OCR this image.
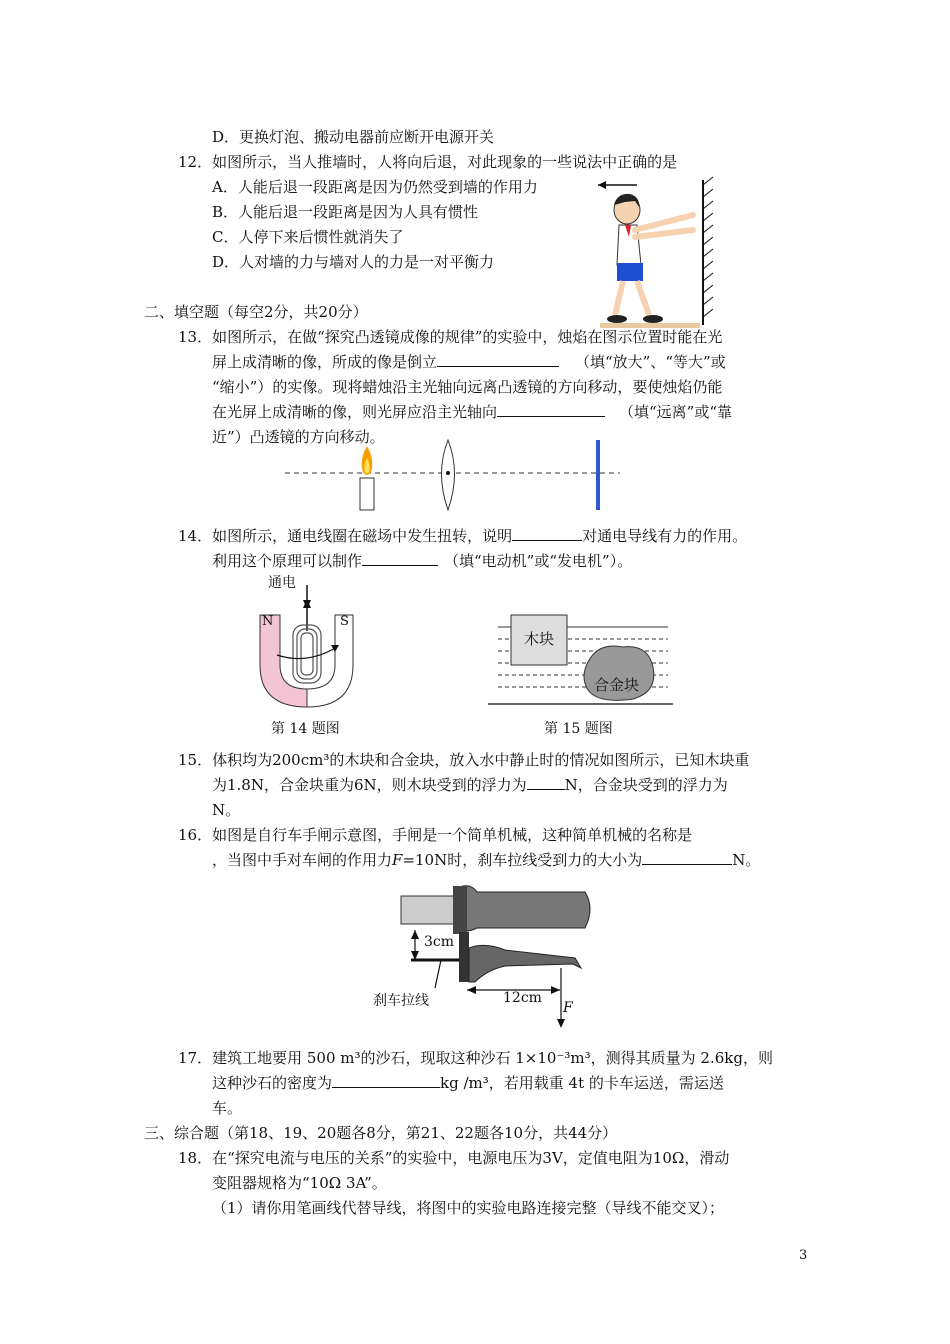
D．更换灯泡、搬动电器前应断开电源开关
12．如图所示，当人推墙时，人将向后退，对此现象的一些说法中正确的是
A．人能后退一段距离是因为仍然受到墙的作用力
B．人能后退一段距离是因为人具有惯性
C．人停下来后惯性就消失了
D．人对墙的力与墙对人的力是一对平衡力
二、填空题（每空2分，共20分）
13．如图所示，在做“探究凸透镜成像的规律”的实验中，烛焰在图示位置时能在光
屏上成清晰的像，所成的像是倒立	（填“放大”、“等大”或
“缩小”）的实像。现将蜡烛沿主光轴向远离凸透镜的方向移动，要使烛焰仍能
在光屏上成清晰的像，则光屏应沿主光轴向	（填“远离”或“靠
近”）凸透镜的方向移动。
14．如图所示，通电线圈在磁场中发生扭转，说明	对通电导线有力的作用。
利用这个原理可以制作	（填“电动机”或“发电机”）。
通电
N	S
第 14 题图
木块
合金块
第 15 题图
15．体积均为200cm³的木块和合金块，放入水中静止时的情况如图所示，已知木块重
为1.8N，合金块重为6N，则木块受到的浮力为	N，合金块受到的浮力为
N。
16．如图是自行车手闸示意图，手闸是一个简单机械，这种简单机械的名称是
，当图中手对车闸的作用力F=10N时，刹车拉线受到力的大小为	N。
3cm
刹车拉线	12cm
F
17．建筑工地要用 500 m³的沙石，现取这种沙石 1×10⁻³m³，测得其质量为 2.6kg，则
这种沙石的密度为	kg /m³，若用载重 4t 的卡车运送，需运送
车。
三、综合题（第18、19、20题各8分，第21、22题各10分，共44分）
18．在“探究电流与电压的关系”的实验中，电源电压为3V，定值电阻为10Ω，滑动
变阻器规格为“10Ω 3A”。
（1）请你用笔画线代替导线，将图中的实验电路连接完整（导线不能交叉）；
3
